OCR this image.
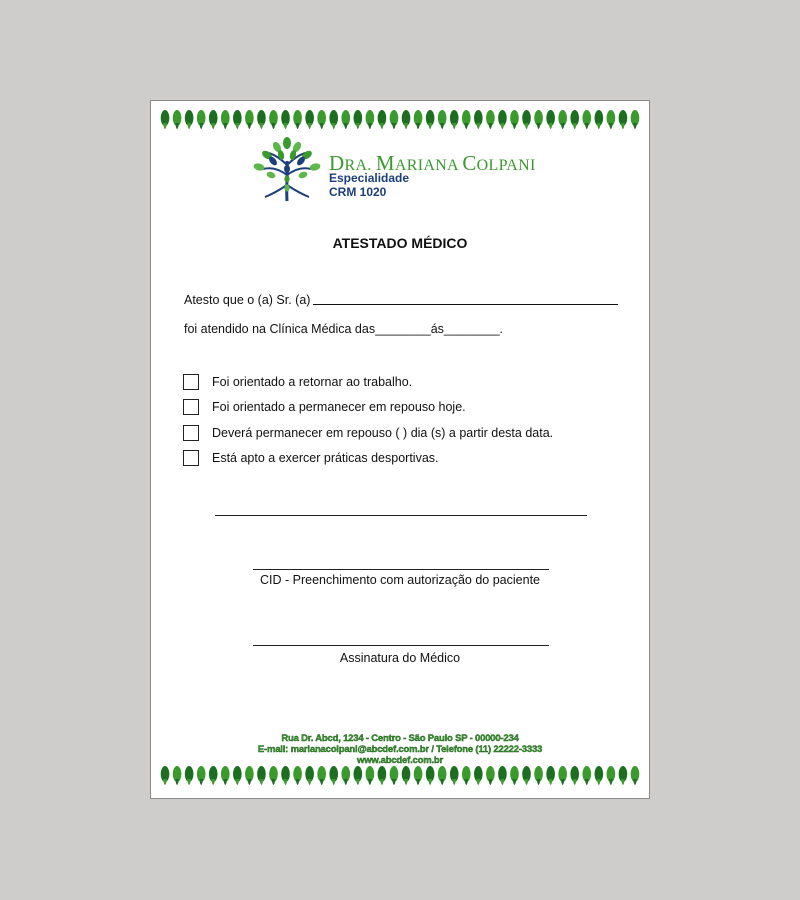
DRA. MARIANA COLPANI
Especialidade
CRM 1020
ATESTADO MÉDICO
Atesto que o (a) Sr. (a)
foi atendido na Clínica Médica das________ás________.
Foi orientado a retornar ao trabalho.
Foi orientado a permanecer em repouso hoje.
Deverá permanecer em repouso ( ) dia (s) a partir desta data.
Está apto a exercer práticas desportivas.
CID - Preenchimento com autorização do paciente
Assinatura do Médico
Rua Dr. Abcd, 1234 - Centro - São Paulo SP - 00000-234
E-mail: marianacolpani@abcdef.com.br / Telefone (11) 22222-3333
www.abcdef.com.br
